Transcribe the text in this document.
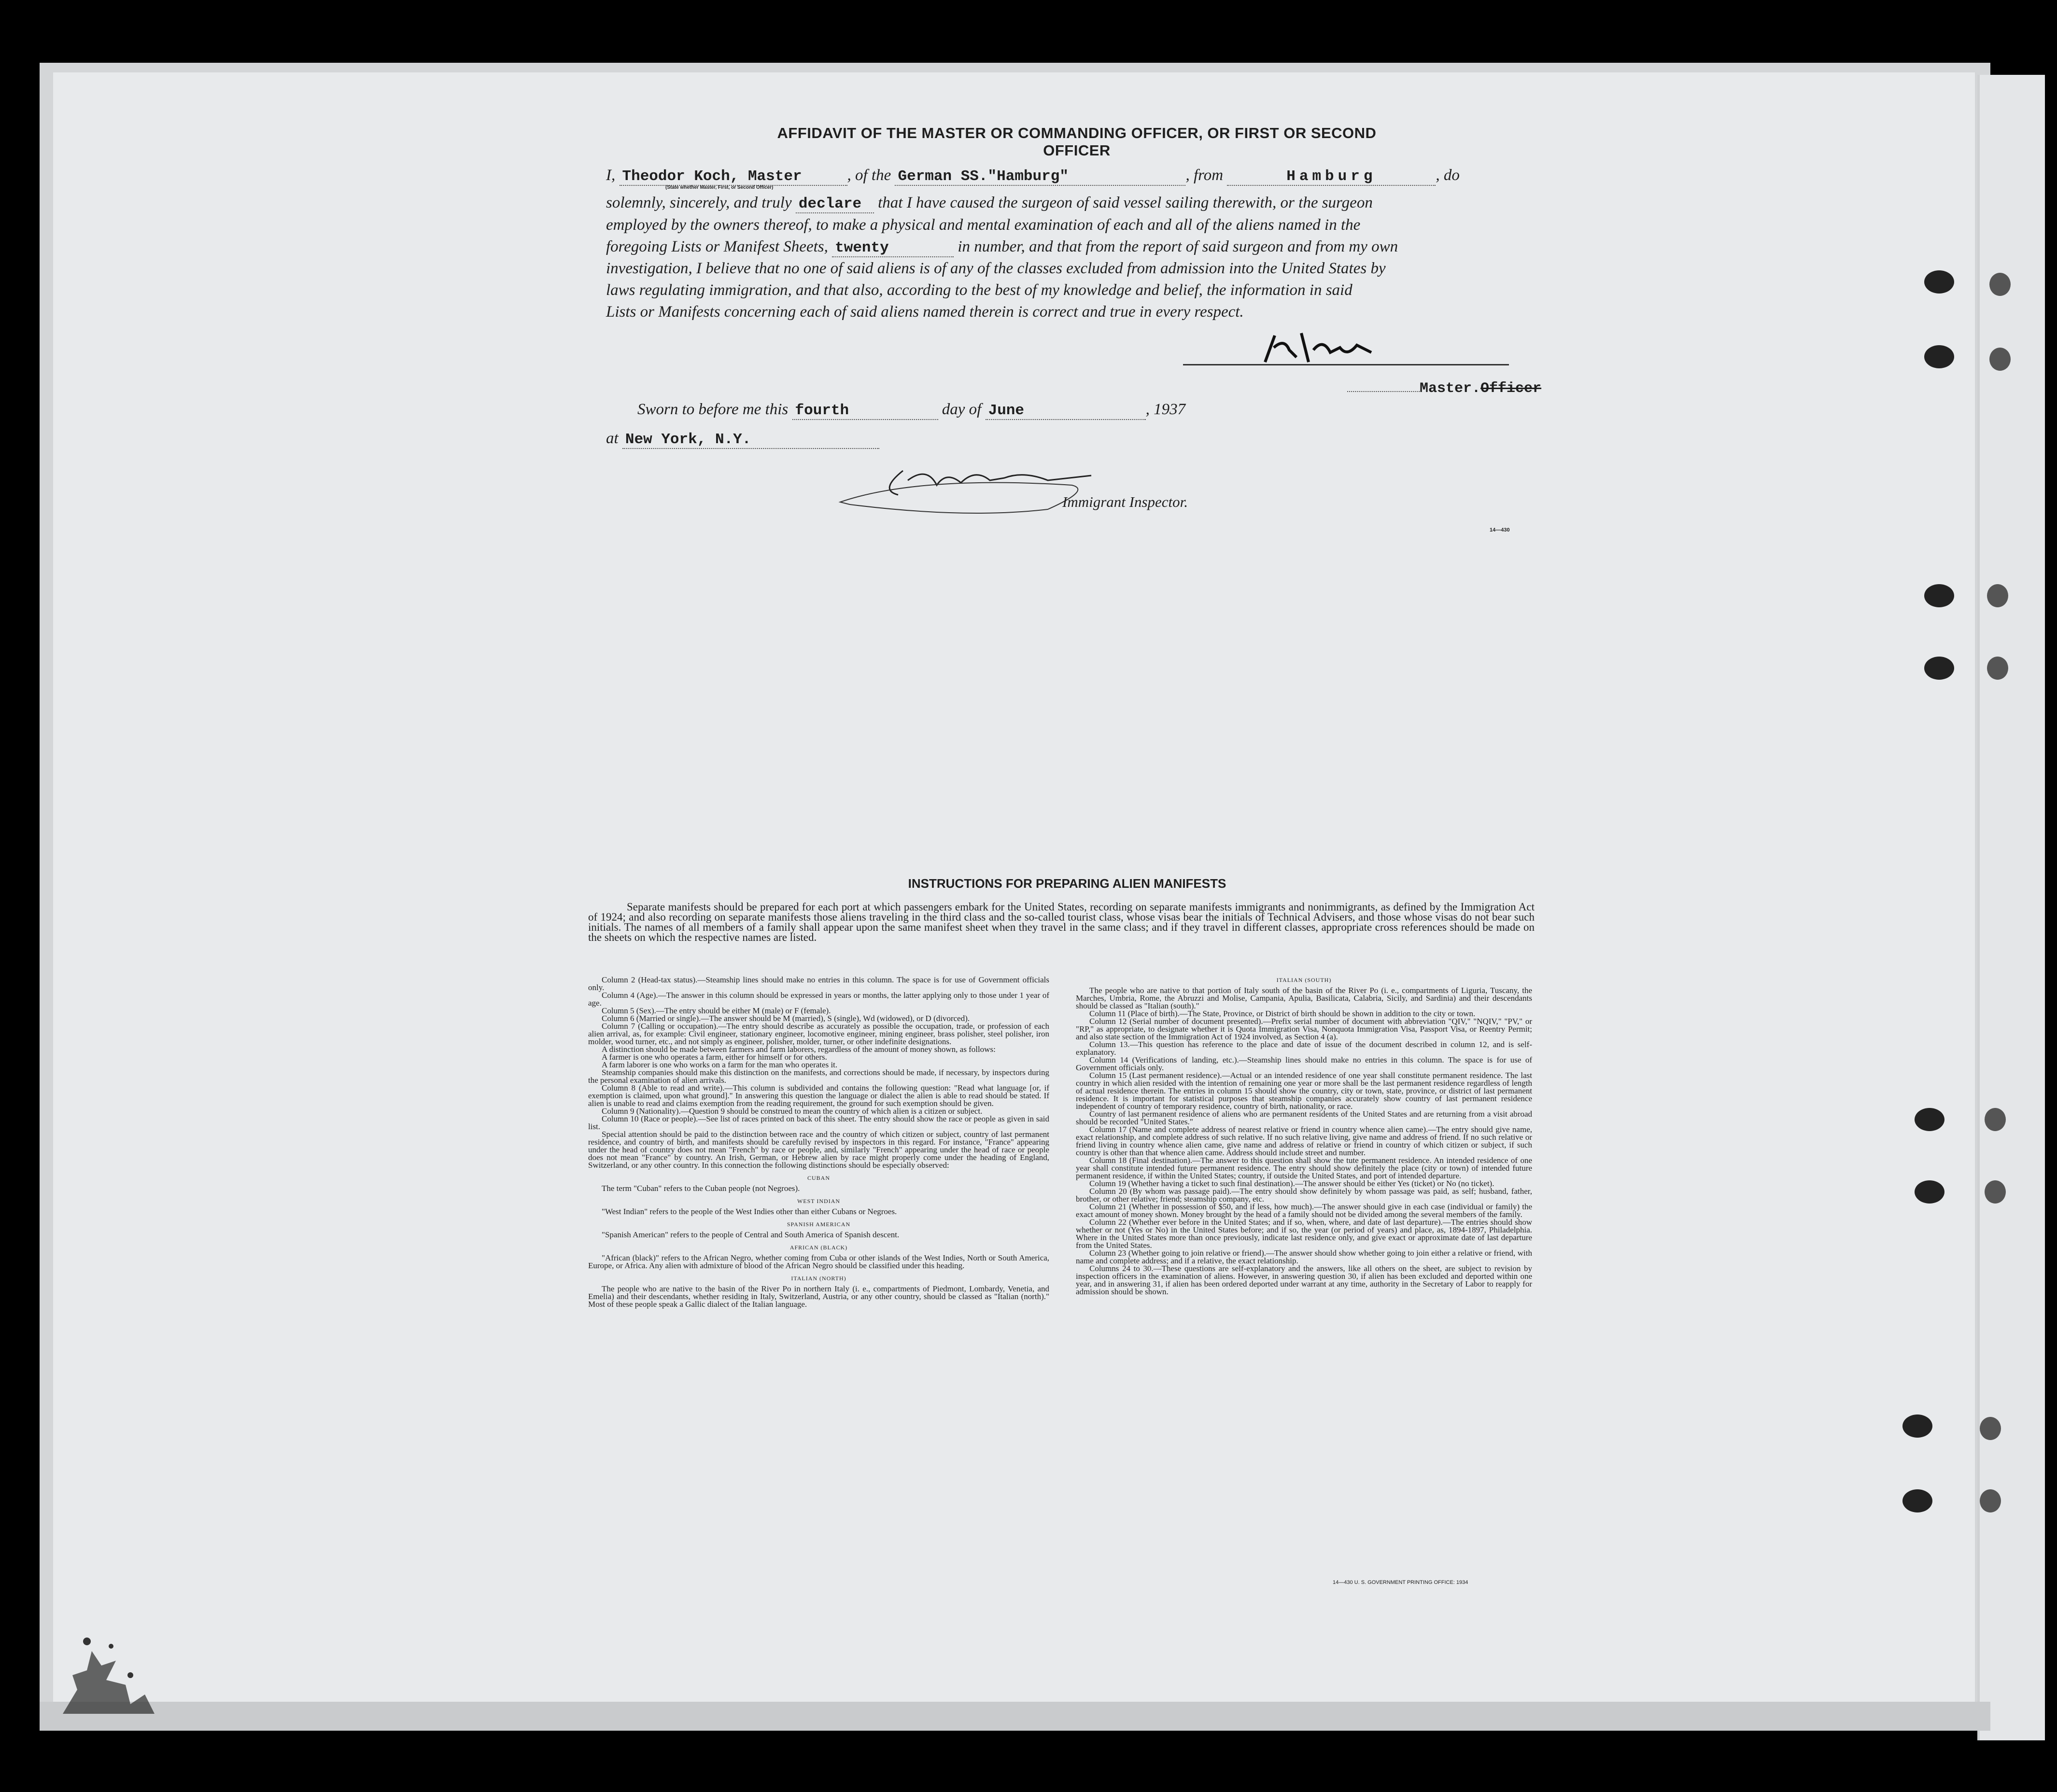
AFFIDAVIT OF THE MASTER OR COMMANDING OFFICER, OR FIRST OR SECOND OFFICER
I, Theodor Koch, Master	, of the German SS."Hamburg"	, from	Hamburg	, do
(State whether Master, First, or Second Officer)
solemnly, sincerely, and truly declare that I have caused the surgeon of said vessel sailing therewith, or the surgeon
employed by the owners thereof, to make a physical and mental examination of each and all of the aliens named in the
foregoing Lists or Manifest Sheets, twenty	in number, and that from the report of said surgeon and from my own
investigation, I believe that no one of said aliens is of any of the classes excluded from admission into the United States by
laws regulating immigration, and that also, according to the best of my knowledge and belief, the information in said
Lists or Manifests concerning each of said aliens named therein is correct and true in every respect.
Master.Officer
Sworn to before me this fourth	day of June	, 1937
at New York, N.Y.
Immigrant Inspector.
14—430
INSTRUCTIONS FOR PREPARING ALIEN MANIFESTS
Separate manifests should be prepared for each port at which passengers embark for the United States, recording on separate manifests immigrants and nonimmigrants, as defined by the Immigration Act of 1924; and also recording on separate manifests those aliens traveling in the third class and the so-called tourist class, whose visas bear the initials of Technical Advisers, and those whose visas do not bear such initials. The names of all members of a family shall appear upon the same manifest sheet when they travel in the same class; and if they travel in different classes, appropriate cross references should be made on the sheets on which the respective names are listed.

Column 2 (Head-tax status).—Steamship lines should make no entries in this column. The space is for use of Government officials only.

Column 4 (Age).—The answer in this column should be expressed in years or months, the latter applying only to those under 1 year of age.

Column 5 (Sex).—The entry should be either M (male) or F (female).

Column 6 (Married or single).—The answer should be M (married), S (single), Wd (widowed), or D (divorced).

Column 7 (Calling or occupation).—The entry should describe as accurately as possible the occupation, trade, or profession of each alien arrival, as, for example: Civil engineer, stationary engineer, locomotive engineer, mining engineer, brass polisher, steel polisher, iron molder, wood turner, etc., and not simply as engineer, polisher, molder, turner, or other indefinite designations.

A distinction should be made between farmers and farm laborers, regardless of the amount of money shown, as follows:

A farmer is one who operates a farm, either for himself or for others.

A farm laborer is one who works on a farm for the man who operates it.

Steamship companies should make this distinction on the manifests, and corrections should be made, if necessary, by inspectors during the personal examination of alien arrivals.

Column 8 (Able to read and write).—This column is subdivided and contains the following question: "Read what language [or, if exemption is claimed, upon what ground]." In answering this question the language or dialect the alien is able to read should be stated. If alien is unable to read and claims exemption from the reading requirement, the ground for such exemption should be given.

Column 9 (Nationality).—Question 9 should be construed to mean the country of which alien is a citizen or subject.

Column 10 (Race or people).—See list of races printed on back of this sheet. The entry should show the race or people as given in said list.

Special attention should be paid to the distinction between race and the country of which citizen or subject, country of last permanent residence, and country of birth, and manifests should be carefully revised by inspectors in this regard. For instance, "France" appearing under the head of country does not mean "French" by race or people, and, similarly "French" appearing under the head of race or people does not mean "France" by country. An Irish, German, or Hebrew alien by race might properly come under the heading of England, Switzerland, or any other country. In this connection the following distinctions should be especially observed:

CUBAN

The term "Cuban" refers to the Cuban people (not Negroes).

WEST INDIAN

"West Indian" refers to the people of the West Indies other than either Cubans or Negroes.

SPANISH AMERICAN

"Spanish American" refers to the people of Central and South America of Spanish descent.

AFRICAN (BLACK)

"African (black)" refers to the African Negro, whether coming from Cuba or other islands of the West Indies, North or South America, Europe, or Africa. Any alien with admixture of blood of the African Negro should be classified under this heading.

ITALIAN (NORTH)

The people who are native to the basin of the River Po in northern Italy (i. e., compartments of Piedmont, Lombardy, Venetia, and Emelia) and their descendants, whether residing in Italy, Switzerland, Austria, or any other country, should be classed as "Italian (north)." Most of these people speak a Gallic dialect of the Italian language.

ITALIAN (SOUTH)

The people who are native to that portion of Italy south of the basin of the River Po (i. e., compartments of Liguria, Tuscany, the Marches, Umbria, Rome, the Abruzzi and Molise, Campania, Apulia, Basilicata, Calabria, Sicily, and Sardinia) and their descendants should be classed as "Italian (south)."

Column 11 (Place of birth).—The State, Province, or District of birth should be shown in addition to the city or town.

Column 12 (Serial number of document presented).—Prefix serial number of document with abbreviation "QIV," "NQIV," "PV," or "RP," as appropriate, to designate whether it is Quota Immigration Visa, Nonquota Immigration Visa, Passport Visa, or Reentry Permit; and also state section of the Immigration Act of 1924 involved, as Section 4 (a).

Column 13.—This question has reference to the place and date of issue of the document described in column 12, and is self-explanatory.

Column 14 (Verifications of landing, etc.).—Steamship lines should make no entries in this column. The space is for use of Government officials only.

Column 15 (Last permanent residence).—Actual or an intended residence of one year shall constitute permanent residence. The last country in which alien resided with the intention of remaining one year or more shall be the last permanent residence regardless of length of actual residence therein. The entries in column 15 should show the country, city or town, state, province, or district of last permanent residence. It is important for statistical purposes that steamship companies accurately show country of last permanent residence independent of country of temporary residence, country of birth, nationality, or race.

Country of last permanent residence of aliens who are permanent residents of the United States and are returning from a visit abroad should be recorded "United States."

Column 17 (Name and complete address of nearest relative or friend in country whence alien came).—The entry should give name, exact relationship, and complete address of such relative. If no such relative living, give name and address of friend. If no such relative or friend living in country whence alien came, give name and address of relative or friend in country of which citizen or subject, if such country is other than that whence alien came. Address should include street and number.

Column 18 (Final destination).—The answer to this question shall show the tute permanent residence. An intended residence of one year shall constitute intended future permanent residence. The entry should show definitely the place (city or town) of intended future permanent residence, if within the United States; country, if outside the United States, and port of intended departure.

Column 19 (Whether having a ticket to such final destination).—The answer should be either Yes (ticket) or No (no ticket).

Column 20 (By whom was passage paid).—The entry should show definitely by whom passage was paid, as self; husband, father, brother, or other relative; friend; steamship company, etc.

Column 21 (Whether in possession of $50, and if less, how much).—The answer should give in each case (individual or family) the exact amount of money shown. Money brought by the head of a family should not be divided among the several members of the family.

Column 22 (Whether ever before in the United States; and if so, when, where, and date of last departure).—The entries should show whether or not (Yes or No) in the United States before; and if so, the year (or period of years) and place, as, 1894-1897, Philadelphia. Where in the United States more than once previously, indicate last residence only, and give exact or approximate date of last departure from the United States.

Column 23 (Whether going to join relative or friend).—The answer should show whether going to join either a relative or friend, with name and complete address; and if a relative, the exact relationship.

Columns 24 to 30.—These questions are self-explanatory and the answers, like all others on the sheet, are subject to revision by inspection officers in the examination of aliens. However, in answering question 30, if alien has been excluded and deported within one year, and in answering 31, if alien has been ordered deported under warrant at any time, authority in the Secretary of Labor to reapply for admission should be shown.

14—430 U. S. GOVERNMENT PRINTING OFFICE: 1934
